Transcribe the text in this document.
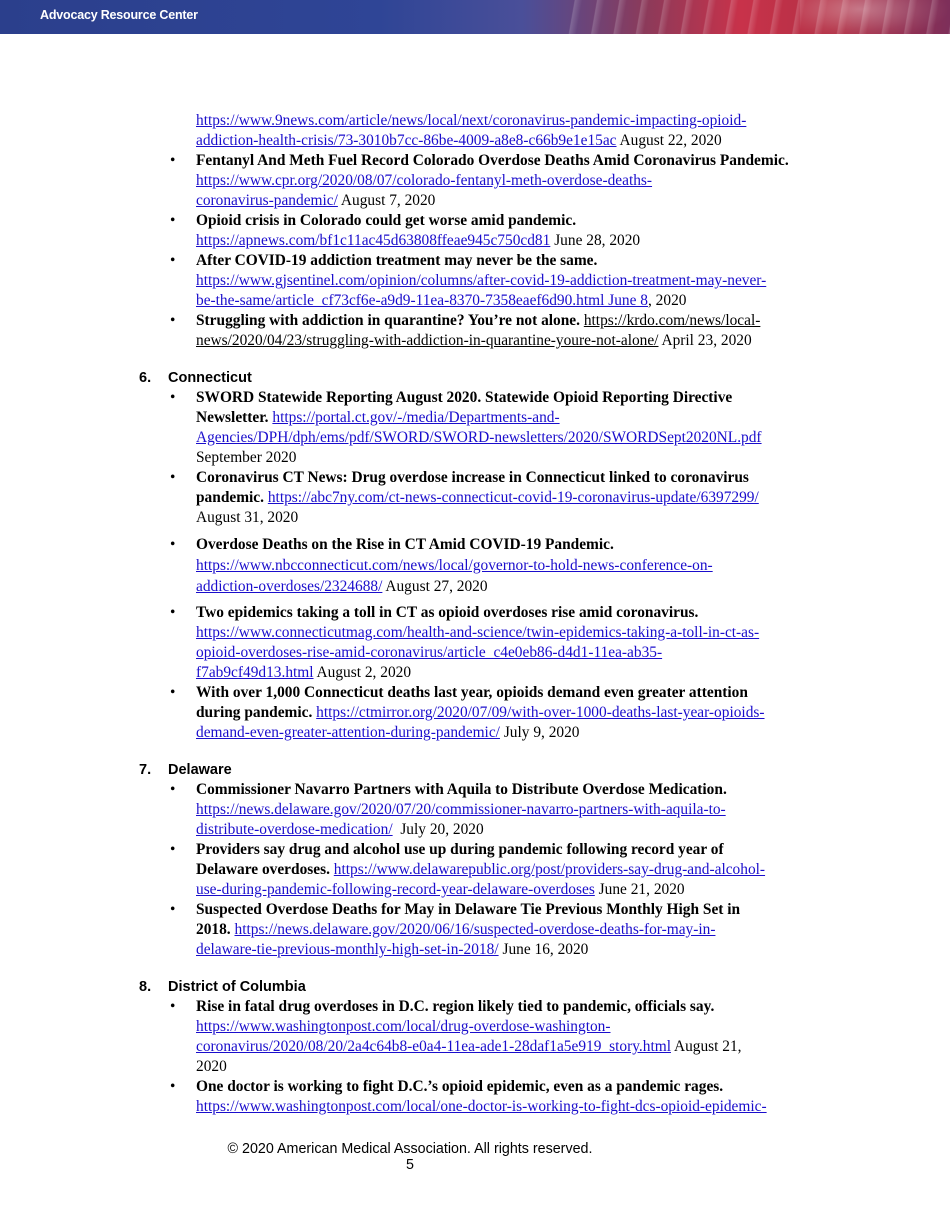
Advocacy Resource Center
https://www.9news.com/article/news/local/next/coronavirus-pandemic-impacting-opioid-
addiction-health-crisis/73-3010b7cc-86be-4009-a8e8-c66b9e1e15ac August 22, 2020
• Fentanyl And Meth Fuel Record Colorado Overdose Deaths Amid Coronavirus Pandemic. https://www.cpr.org/2020/08/07/colorado-fentanyl-meth-overdose-deaths-
coronavirus-pandemic/ August 7, 2020
• Opioid crisis in Colorado could get worse amid pandemic.
https://apnews.com/bf1c11ac45d63808ffeae945c750cd81 June 28, 2020
• After COVID-19 addiction treatment may never be the same.
https://www.gjsentinel.com/opinion/columns/after-covid-19-addiction-treatment-may-never-
be-the-same/article_cf73cf6e-a9d9-11ea-8370-7358eaef6d90.html June 8, 2020
• Struggling with addiction in quarantine? You’re not alone. https://krdo.com/news/local-
news/2020/04/23/struggling-with-addiction-in-quarantine-youre-not-alone/ April 23, 2020
6. Connecticut
• SWORD Statewide Reporting August 2020. Statewide Opioid Reporting Directive
Newsletter. https://portal.ct.gov/-/media/Departments-and-
Agencies/DPH/dph/ems/pdf/SWORD/SWORD-newsletters/2020/SWORDSept2020NL.pdf
September 2020
• Coronavirus CT News: Drug overdose increase in Connecticut linked to coronavirus
pandemic. https://abc7ny.com/ct-news-connecticut-covid-19-coronavirus-update/6397299/
August 31, 2020
• Overdose Deaths on the Rise in CT Amid COVID-19 Pandemic.
https://www.nbcconnecticut.com/news/local/governor-to-hold-news-conference-on-
addiction-overdoses/2324688/ August 27, 2020
• Two epidemics taking a toll in CT as opioid overdoses rise amid coronavirus.
https://www.connecticutmag.com/health-and-science/twin-epidemics-taking-a-toll-in-ct-as-
opioid-overdoses-rise-amid-coronavirus/article_c4e0eb86-d4d1-11ea-ab35-
f7ab9cf49d13.html August 2, 2020
• With over 1,000 Connecticut deaths last year, opioids demand even greater attention
during pandemic. https://ctmirror.org/2020/07/09/with-over-1000-deaths-last-year-opioids-
demand-even-greater-attention-during-pandemic/ July 9, 2020
7. Delaware
• Commissioner Navarro Partners with Aquila to Distribute Overdose Medication.
https://news.delaware.gov/2020/07/20/commissioner-navarro-partners-with-aquila-to-
distribute-overdose-medication/ July 20, 2020
• Providers say drug and alcohol use up during pandemic following record year of
Delaware overdoses. https://www.delawarepublic.org/post/providers-say-drug-and-alcohol-
use-during-pandemic-following-record-year-delaware-overdoses June 21, 2020
• Suspected Overdose Deaths for May in Delaware Tie Previous Monthly High Set in
2018. https://news.delaware.gov/2020/06/16/suspected-overdose-deaths-for-may-in-
delaware-tie-previous-monthly-high-set-in-2018/ June 16, 2020
8. District of Columbia
• Rise in fatal drug overdoses in D.C. region likely tied to pandemic, officials say.
https://www.washingtonpost.com/local/drug-overdose-washington-
coronavirus/2020/08/20/2a4c64b8-e0a4-11ea-ade1-28daf1a5e919_story.html August 21,
2020
• One doctor is working to fight D.C.’s opioid epidemic, even as a pandemic rages.
https://www.washingtonpost.com/local/one-doctor-is-working-to-fight-dcs-opioid-epidemic-
© 2020 American Medical Association. All rights reserved.
5
